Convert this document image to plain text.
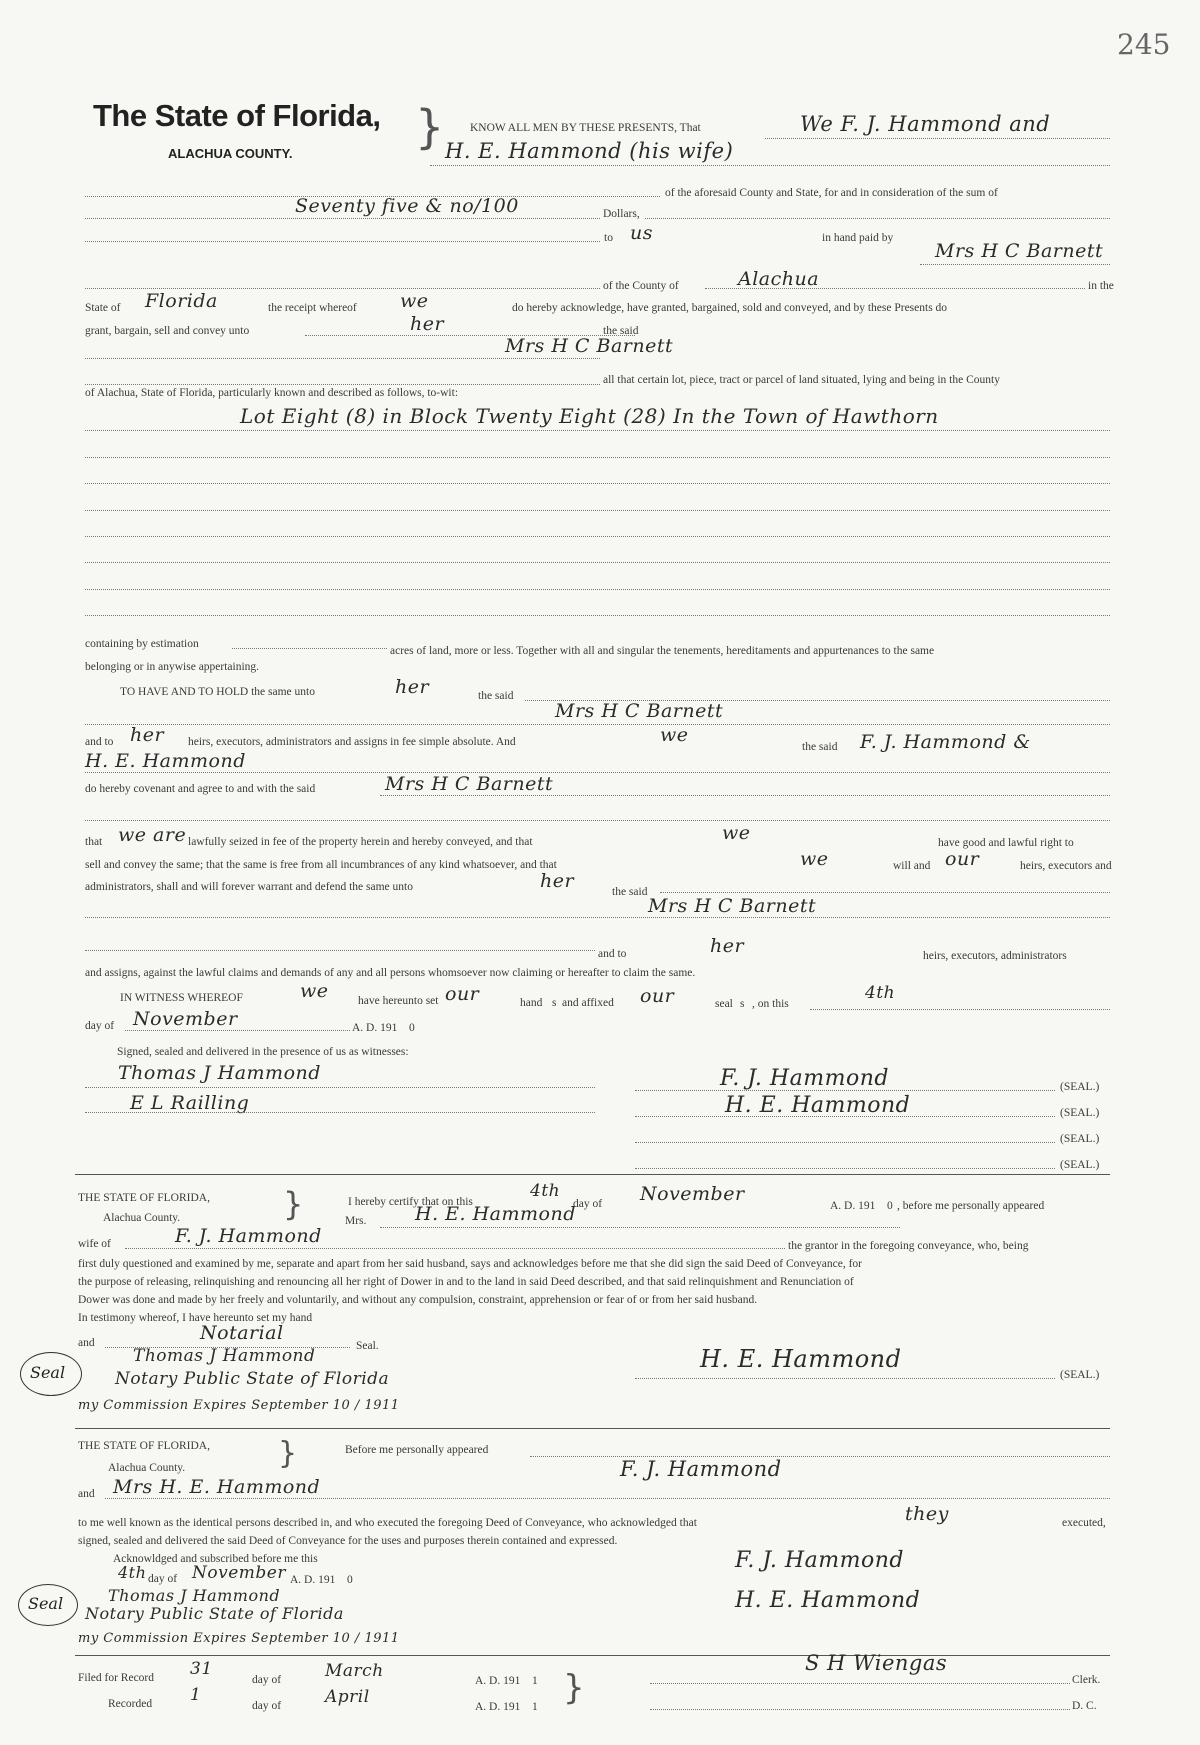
245
The State of Florida,
ALACHUA COUNTY.	} KNOW ALL MEN BY THESE PRESENTS, That	We F. J. Hammond and
H. E. Hammond (his wife)
of the aforesaid County and State, for and in consideration of the sum of
Seventy five & no/100	Dollars,
to us	in hand paid by
Mrs H C Barnett
of the County of	Alachua	in the
State of Florida	the receipt whereof we	do hereby acknowledge, have granted, bargained, sold and conveyed, and by these Presents do
grant, bargain, sell and convey unto	her	the said
Mrs H C Barnett
all that certain lot, piece, tract or parcel of land situated, lying and being in the County
of Alachua, State of Florida, particularly known and described as follows, to-wit:
Lot Eight (8) in Block Twenty Eight (28) In the Town of Hawthorn
containing by estimation
acres of land, more or less. Together with all and singular the tenements, hereditaments and appurtenances to the same
belonging or in anywise appertaining.
TO HAVE AND TO HOLD the same unto	her	the said
Mrs H C Barnett
and to her heirs, executors, administrators and assigns in fee simple absolute. And	we
the said F. J. Hammond &
H. E. Hammond
do hereby covenant and agree to and with the said	Mrs H C Barnett
that we are lawfully seized in fee of the property herein and hereby conveyed, and that	we	have good and lawful right to
sell and convey the same; that the same is free from all incumbrances of any kind whatsoever, and that	we	will and our	heirs, executors and
administrators, shall and will forever warrant and defend the same unto	her	the said
Mrs H C Barnett
and to	her	heirs, executors, administrators
and assigns, against the lawful claims and demands of any and all persons whomsoever now claiming or hereafter to claim the same.
IN WITNESS WHEREOF	we	have hereunto set our	hand s and affixed our	seal s , on this
4th
day of November	A. D. 191 0
Signed, sealed and delivered in the presence of us as witnesses:
Thomas J Hammond
E L Railling
F. J. Hammond
H. E. Hammond
(SEAL.)
(SEAL.)
(SEAL.)
(SEAL.)
THE STATE OF FLORIDA, }
Alachua County.
I hereby certify that on this
4th
day of November
A. D. 191 0 , before me personally appeared
Mrs.	H. E. Hammond
wife of	F. J. Hammond	the grantor in the foregoing conveyance, who, being
first duly questioned and examined by me, separate and apart from her said husband, says and acknowledges before me that she did sign the said Deed of Conveyance, for
the purpose of releasing, relinquishing and renouncing all her right of Dower in and to the land in said Deed described, and that said relinquishment and Renunciation of
Dower was done and made by her freely and voluntarily, and without any compulsion, constraint, apprehension or fear of or from her said husband.
In testimony whereof, I have hereunto set my hand
and	Notarial
Seal.
Thomas J Hammond
Notary Public State of Florida
my Commission Expires September 10 / 1911
Seal	H. E. Hammond
(SEAL.)
THE STATE OF FLORIDA, }
Alachua County.
Before me personally appeared
F. J. Hammond
and Mrs H. E. Hammond
to me well known as the identical persons described in, and who executed the foregoing Deed of Conveyance, who acknowledged that	they	executed,
signed, sealed and delivered the said Deed of Conveyance for the uses and purposes therein contained and expressed.
Acknowldged and subscribed before me this
4th day of November A. D. 191 0
Thomas J Hammond
Notary Public State of Florida
my Commission Expires September 10 / 1911
Seal
F. J. Hammond
H. E. Hammond
Filed for Record 31
day of	March	A. D. 191 1
Recorded 1
day of	April	A. D. 191 1 }
S H Wiengas
Clerk.
D. C.
